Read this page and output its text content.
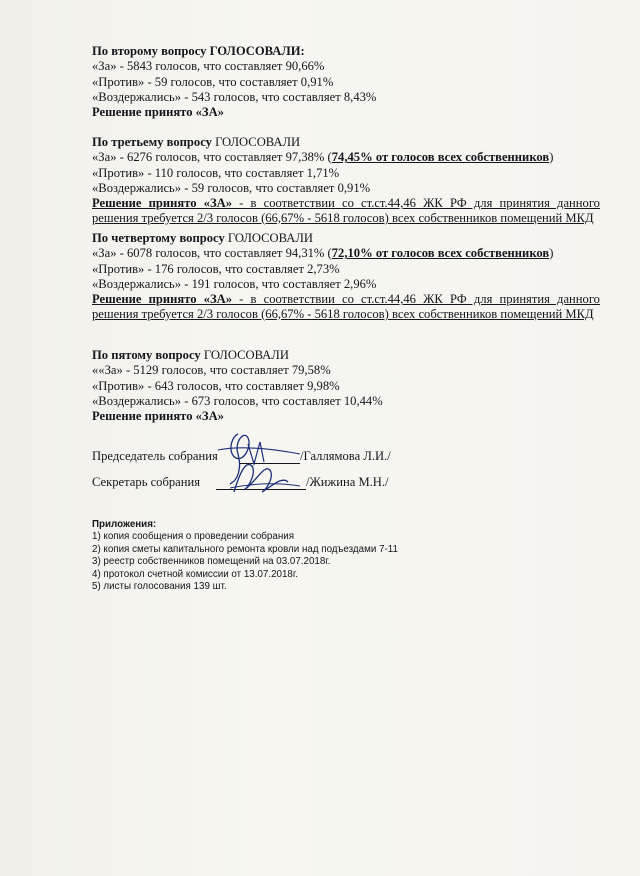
По второму вопросу ГОЛОСОВАЛИ:
«За» - 5843 голосов, что составляет 90,66%
«Против» - 59 голосов, что составляет 0,91%
«Воздержались» - 543 голосов, что составляет 8,43%
Решение принято «ЗА»
По третьему вопросу ГОЛОСОВАЛИ
«За» - 6276 голосов, что составляет 97,38% (74,45% от голосов всех собственников)
«Против» - 110 голосов, что составляет 1,71%
«Воздержались» - 59 голосов, что составляет 0,91%
Решение принято «ЗА» - в соответствии со ст.ст.44,46 ЖК РФ для принятия данного решения требуется 2/3 голосов (66,67% - 5618 голосов) всех собственников помещений МКД
По четвертому вопросу ГОЛОСОВАЛИ
«За» - 6078 голосов, что составляет 94,31% (72,10% от голосов всех собственников)
«Против» - 176 голосов, что составляет 2,73%
«Воздержались» - 191 голосов, что составляет 2,96%
Решение принято «ЗА» - в соответствии со ст.ст.44,46 ЖК РФ для принятия данного решения требуется 2/3 голосов (66,67% - 5618 голосов) всех собственников помещений МКД
По пятому вопросу ГОЛОСОВАЛИ
««За» - 5129 голосов, что составляет 79,58%
«Против» - 643 голосов, что составляет 9,98%
«Воздержались» - 673 голосов, что составляет 10,44%
Решение принято «ЗА»
Председатель собрания	/Галлямова Л.И./
Секретарь собрания	/Жижина М.Н./
Приложения:
1) копия сообщения о проведении собрания
2) копия сметы капитального ремонта кровли над подъездами 7-11
3) реестр собственников помещений на 03.07.2018г.
4) протокол счетной комиссии от 13.07.2018г.
5) листы голосования 139 шт.
